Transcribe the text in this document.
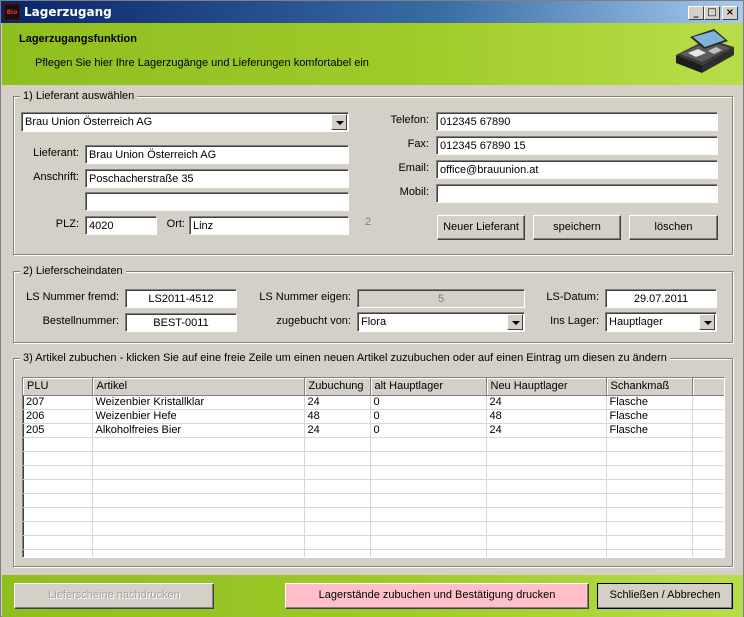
Bio Lagerzugang	_ □ ×
Lagerzugangsfunktion
Pflegen Sie hier Ihre Lagerzugänge und Lieferungen komfortabel ein
1) Lieferant auswählen
Brau Union Österreich AG
Lieferant: Brau Union Österreich AG
Anschrift: Poschacherstraße 35
PLZ: 4020	Ort: Linz	2
Telefon:	012345 67890
Fax:	012345 67890 15
Email:	office@brauunion.at
Mobil:
Neuer Lieferant	speichern	löschen
2) Lieferscheindaten
LS Nummer fremd:	LS2011-4512
Bestellnummer:	BEST-0011
LS Nummer eigen:	5
zugebucht von: Flora
LS-Datum:	29.07.2011
Ins Lager: Hauptlager
3) Artikel zubuchen - klicken Sie auf eine freie Zeile um einen neuen Artikel zuzubuchen oder auf einen Eintrag um diesen zu ändern
PLU	Artikel	Zubuchung	alt Hauptlager	Neu Hauptlager	Schankmaß	
207	Weizenbier Kristallklar	24	0	24	Flasche	
206	Weizenbier Hefe	48	0	48	Flasche	
205	Alkoholfreies Bier	24	0	24	Flasche	

Lieferscheine nachdrucken	Lagerstände zubuchen und Bestätigung drucken	Schließen / Abbrechen
